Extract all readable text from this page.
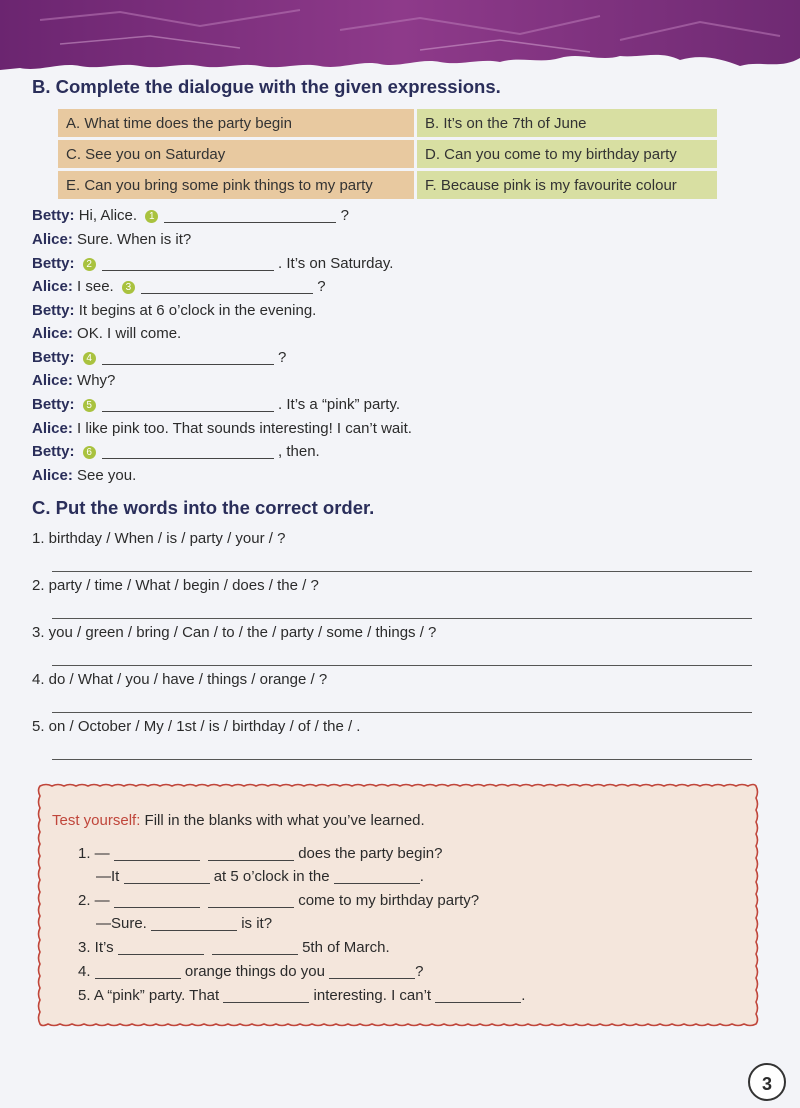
B. Complete the dialogue with the given expressions.
A. What time does the party begin	B. It’s on the 7th of June
C. See you on Saturday	D. Can you come to my birthday party
E. Can you bring some pink things to my party	F. Because pink is my favourite colour
Betty: Hi, Alice. 1	?
Alice: Sure. When is it?
Betty: 2	. It’s on Saturday.
Alice: I see. 3	?
Betty: It begins at 6 o’clock in the evening.
Alice: OK. I will come.
Betty: 4	?
Alice: Why?
Betty: 5	. It’s a “pink” party.
Alice: I like pink too. That sounds interesting! I can’t wait.
Betty: 6	, then.
Alice: See you.
C. Put the words into the correct order.
1. birthday / When / is / party / your / ?
2. party / time / What / begin / does / the / ?
3. you / green / bring / Can / to / the / party / some / things / ?
4. do / What / you / have / things / orange / ?
5. on / October / My / 1st / is / birthday / of / the / .
Test yourself: Fill in the blanks with what you’ve learned.
1. —	does the party begin?
—It	at 5 o’clock in the	.
2. —	come to my birthday party?
—Sure.	is it?
3. It’s	5th of March.
4.	orange things do you	?
5. A “pink” party. That	interesting. I can’t	.
3
